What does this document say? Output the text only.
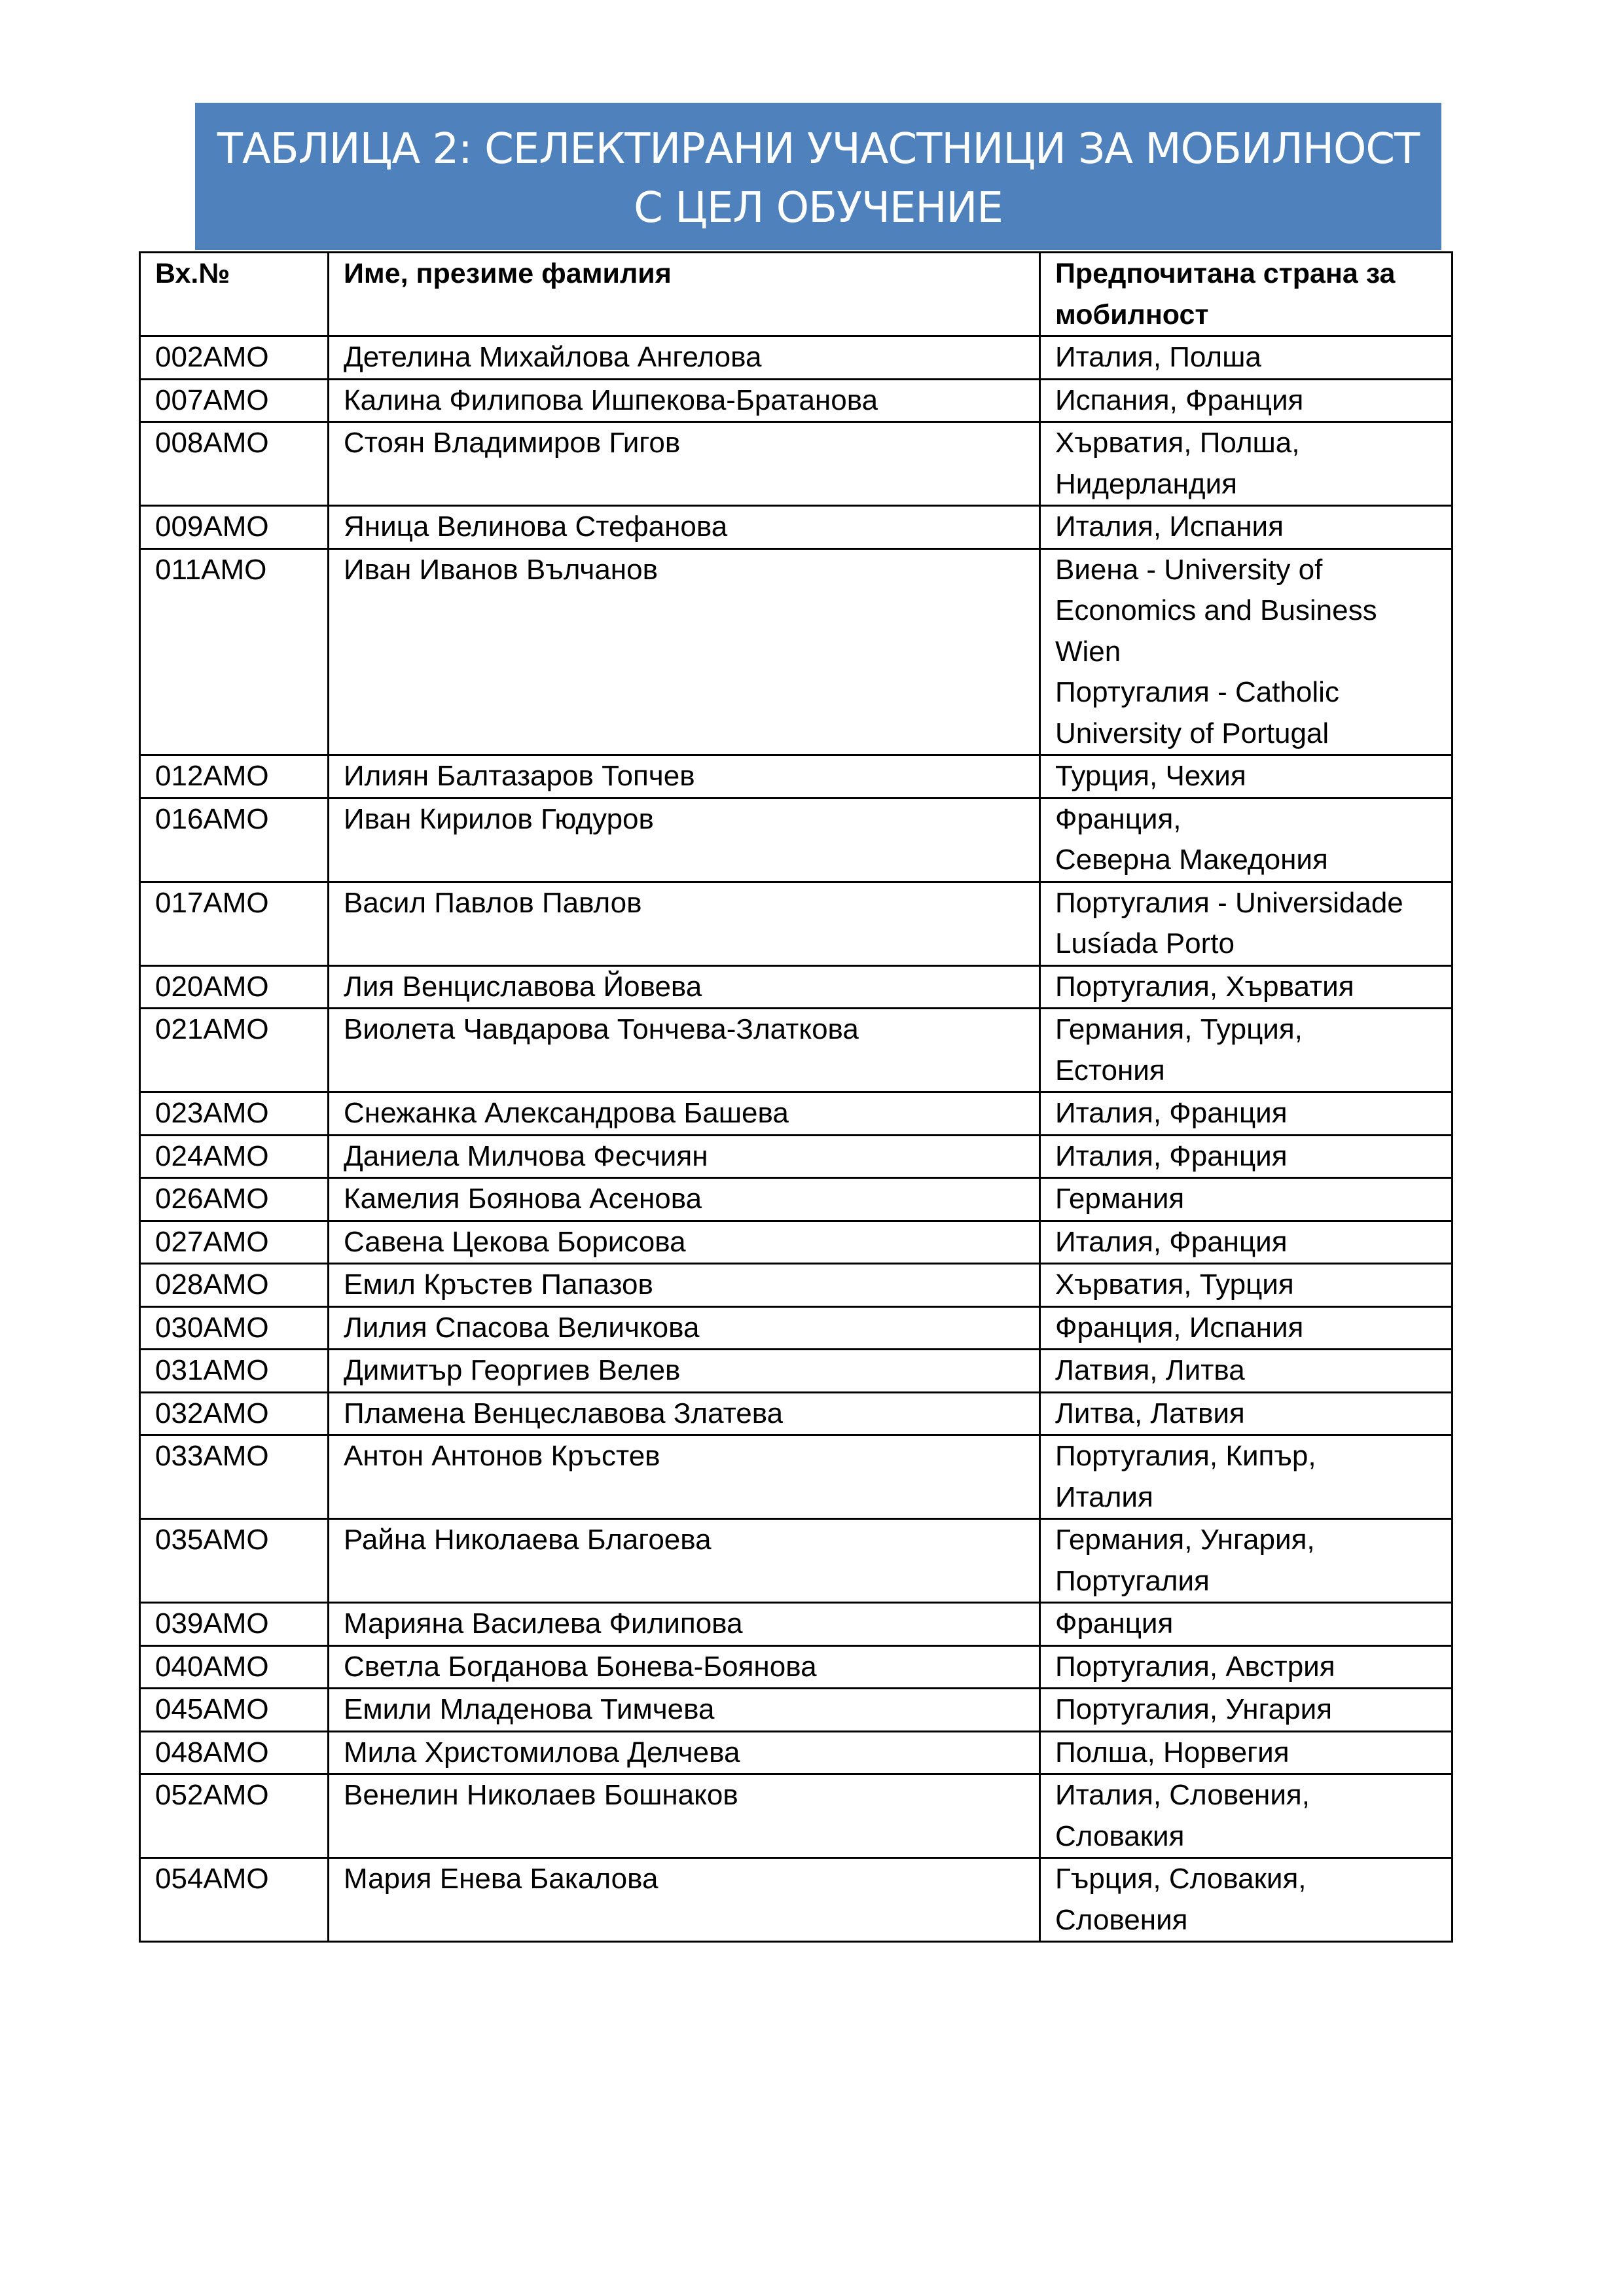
ТАБЛИЦА 2: СЕЛЕКТИРАНИ УЧАСТНИЦИ ЗА МОБИЛНОСТ
С ЦЕЛ ОБУЧЕНИЕ
Вх.№	Име, презиме фамилия	Предпочитана страна за
мобилност

002АМО	Детелина Михайлова Ангелова	Италия, Полша

007АМО	Калина Филипова Ишпекова-Братанова	Испания, Франция

008АМО	Стоян Владимиров Гигов	Хърватия, Полша,
Нидерландия

009АМО	Яница Велинова Стефанова	Италия, Испания

011АМО	Иван Иванов Вълчанов	Виена - University of
Economics and Business
Wien
Португалия - Catholic
University of Portugal

012АМО	Илиян Балтазаров Топчев	Турция, Чехия

016АМО	Иван Кирилов Гюдуров	Франция,
Северна Македония

017АМО	Васил Павлов Павлов	Португалия - Universidade
Lusíada Porto

020АМО	Лия Венциславова Йовева	Португалия, Хърватия

021АМО	Виолета Чавдарова Тончева-Златкова	Германия, Турция,
Естония

023АМО	Снежанка Александрова Башева	Италия, Франция

024АМО	Даниела Милчова Фесчиян	Италия, Франция

026АМО	Камелия Боянова Асенова	Германия

027АМО	Савена Цекова Борисова	Италия, Франция

028АМО	Емил Кръстев Папазов	Хърватия, Турция

030АМО	Лилия Спасова Величкова	Франция, Испания

031АМО	Димитър Георгиев Велев	Латвия, Литва

032АМО	Пламена Венцеславова Златева	Литва, Латвия

033АМО	Антон Антонов Кръстев	Португалия, Кипър,
Италия

035АМО	Райна Николаева Благоева	Германия, Унгария,
Португалия

039АМО	Марияна Василева Филипова	Франция

040АМО	Светла Богданова Бонева-Боянова	Португалия, Австрия

045АМО	Емили Младенова Тимчева	Португалия, Унгария

048АМО	Мила Христомилова Делчева	Полша, Норвегия

052АМО	Венелин Николаев Бошнаков	Италия, Словения,
Словакия

054АМО	Мария Енева Бакалова	Гърция, Словакия,
Словения
